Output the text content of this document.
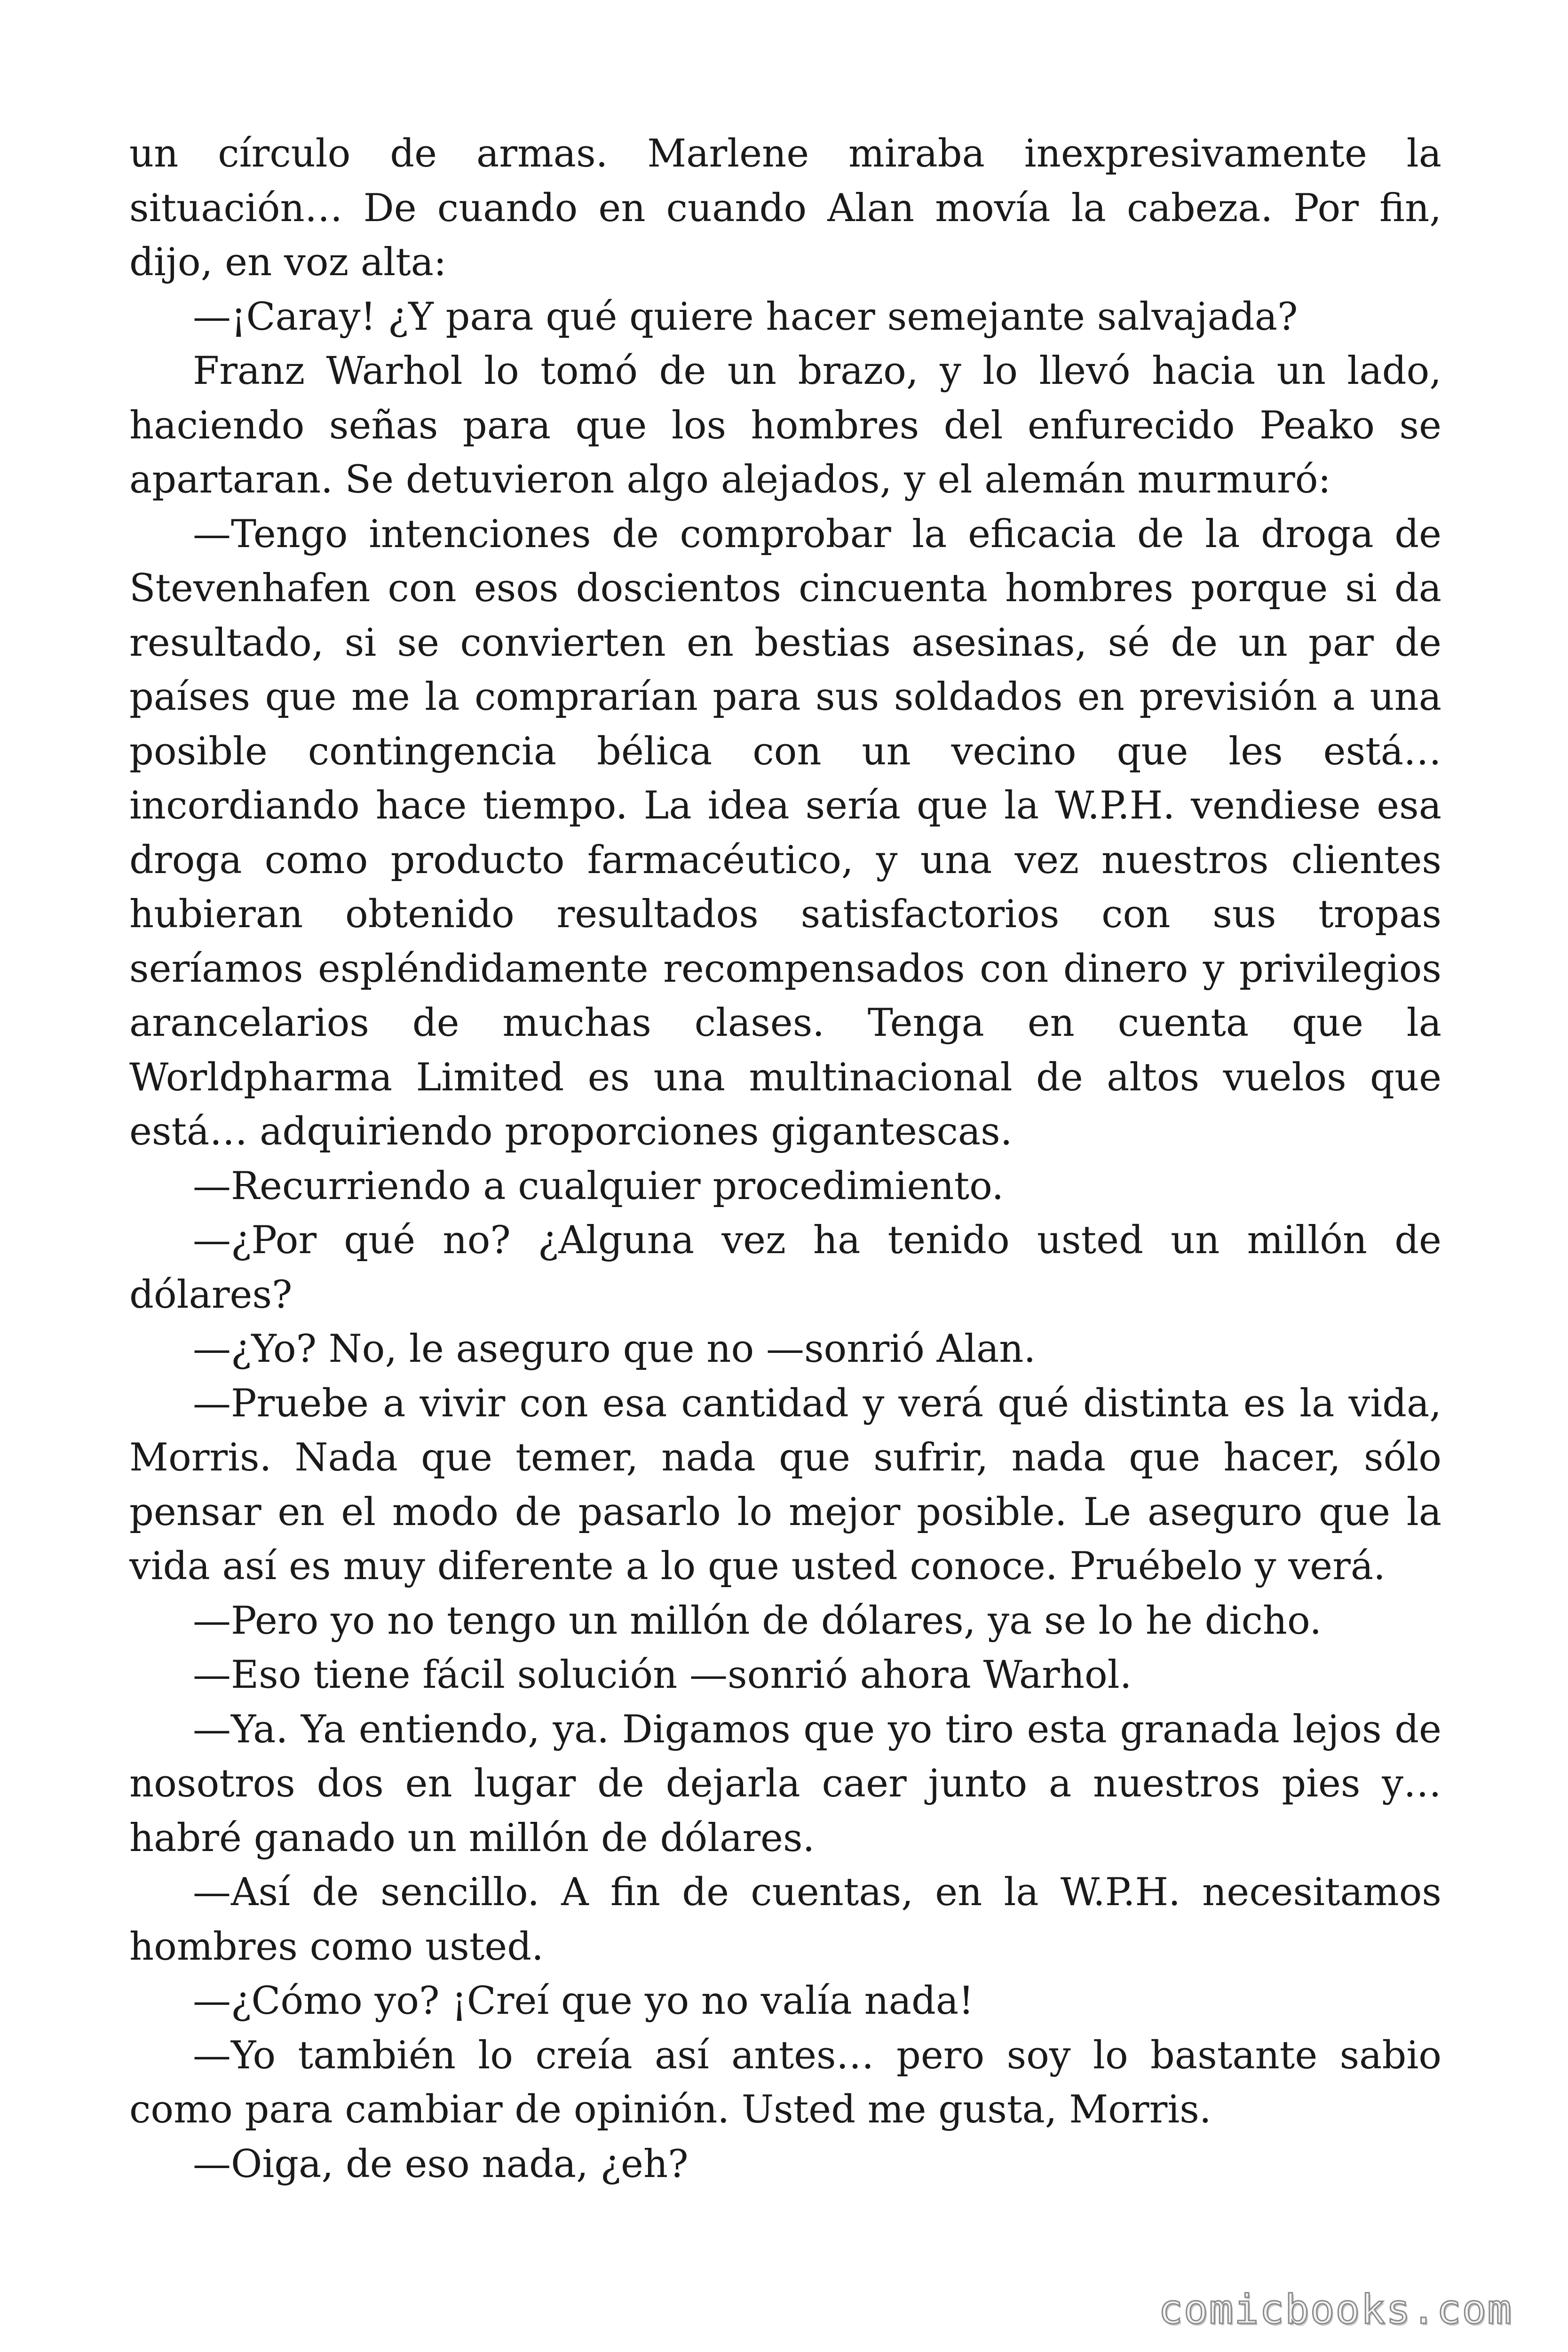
un círculo de armas. Marlene miraba inexpresivamente la situación… De cuando en cuando Alan movía la cabeza. Por fin, dijo, en voz alta:

—¡Caray! ¿Y para qué quiere hacer semejante salvajada?

Franz Warhol lo tomó de un brazo, y lo llevó hacia un lado, haciendo señas para que los hombres del enfurecido Peako se apartaran. Se detuvieron algo alejados, y el alemán murmuró:

—Tengo intenciones de comprobar la eficacia de la droga de Stevenhafen con esos doscientos cincuenta hombres porque si da resultado, si se convierten en bestias asesinas, sé de un par de países que me la comprarían para sus soldados en previsión a una posible contingencia bélica con un vecino que les está… incordiando hace tiempo. La idea sería que la W.P.H. vendiese esa droga como producto farmacéutico, y una vez nuestros clientes hubieran obtenido resultados satisfactorios con sus tropas seríamos espléndidamente recompensados con dinero y privilegios arancelarios de muchas clases. Tenga en cuenta que la Worldpharma Limited es una multinacional de altos vuelos que está… adquiriendo proporciones gigantescas.

—Recurriendo a cualquier procedimiento.

—¿Por qué no? ¿Alguna vez ha tenido usted un millón de dólares?

—¿Yo? No, le aseguro que no —sonrió Alan.

—Pruebe a vivir con esa cantidad y verá qué distinta es la vida, Morris. Nada que temer, nada que sufrir, nada que hacer, sólo pensar en el modo de pasarlo lo mejor posible. Le aseguro que la vida así es muy diferente a lo que usted conoce. Pruébelo y verá.

—Pero yo no tengo un millón de dólares, ya se lo he dicho.

—Eso tiene fácil solución —sonrió ahora Warhol.

—Ya. Ya entiendo, ya. Digamos que yo tiro esta granada lejos de nosotros dos en lugar de dejarla caer junto a nuestros pies y… habré ganado un millón de dólares.

—Así de sencillo. A fin de cuentas, en la W.P.H. necesitamos hombres como usted.

—¿Cómo yo? ¡Creí que yo no valía nada!

—Yo también lo creía así antes… pero soy lo bastante sabio como para cambiar de opinión. Usted me gusta, Morris.

—Oiga, de eso nada, ¿eh?

comicbooks.com
